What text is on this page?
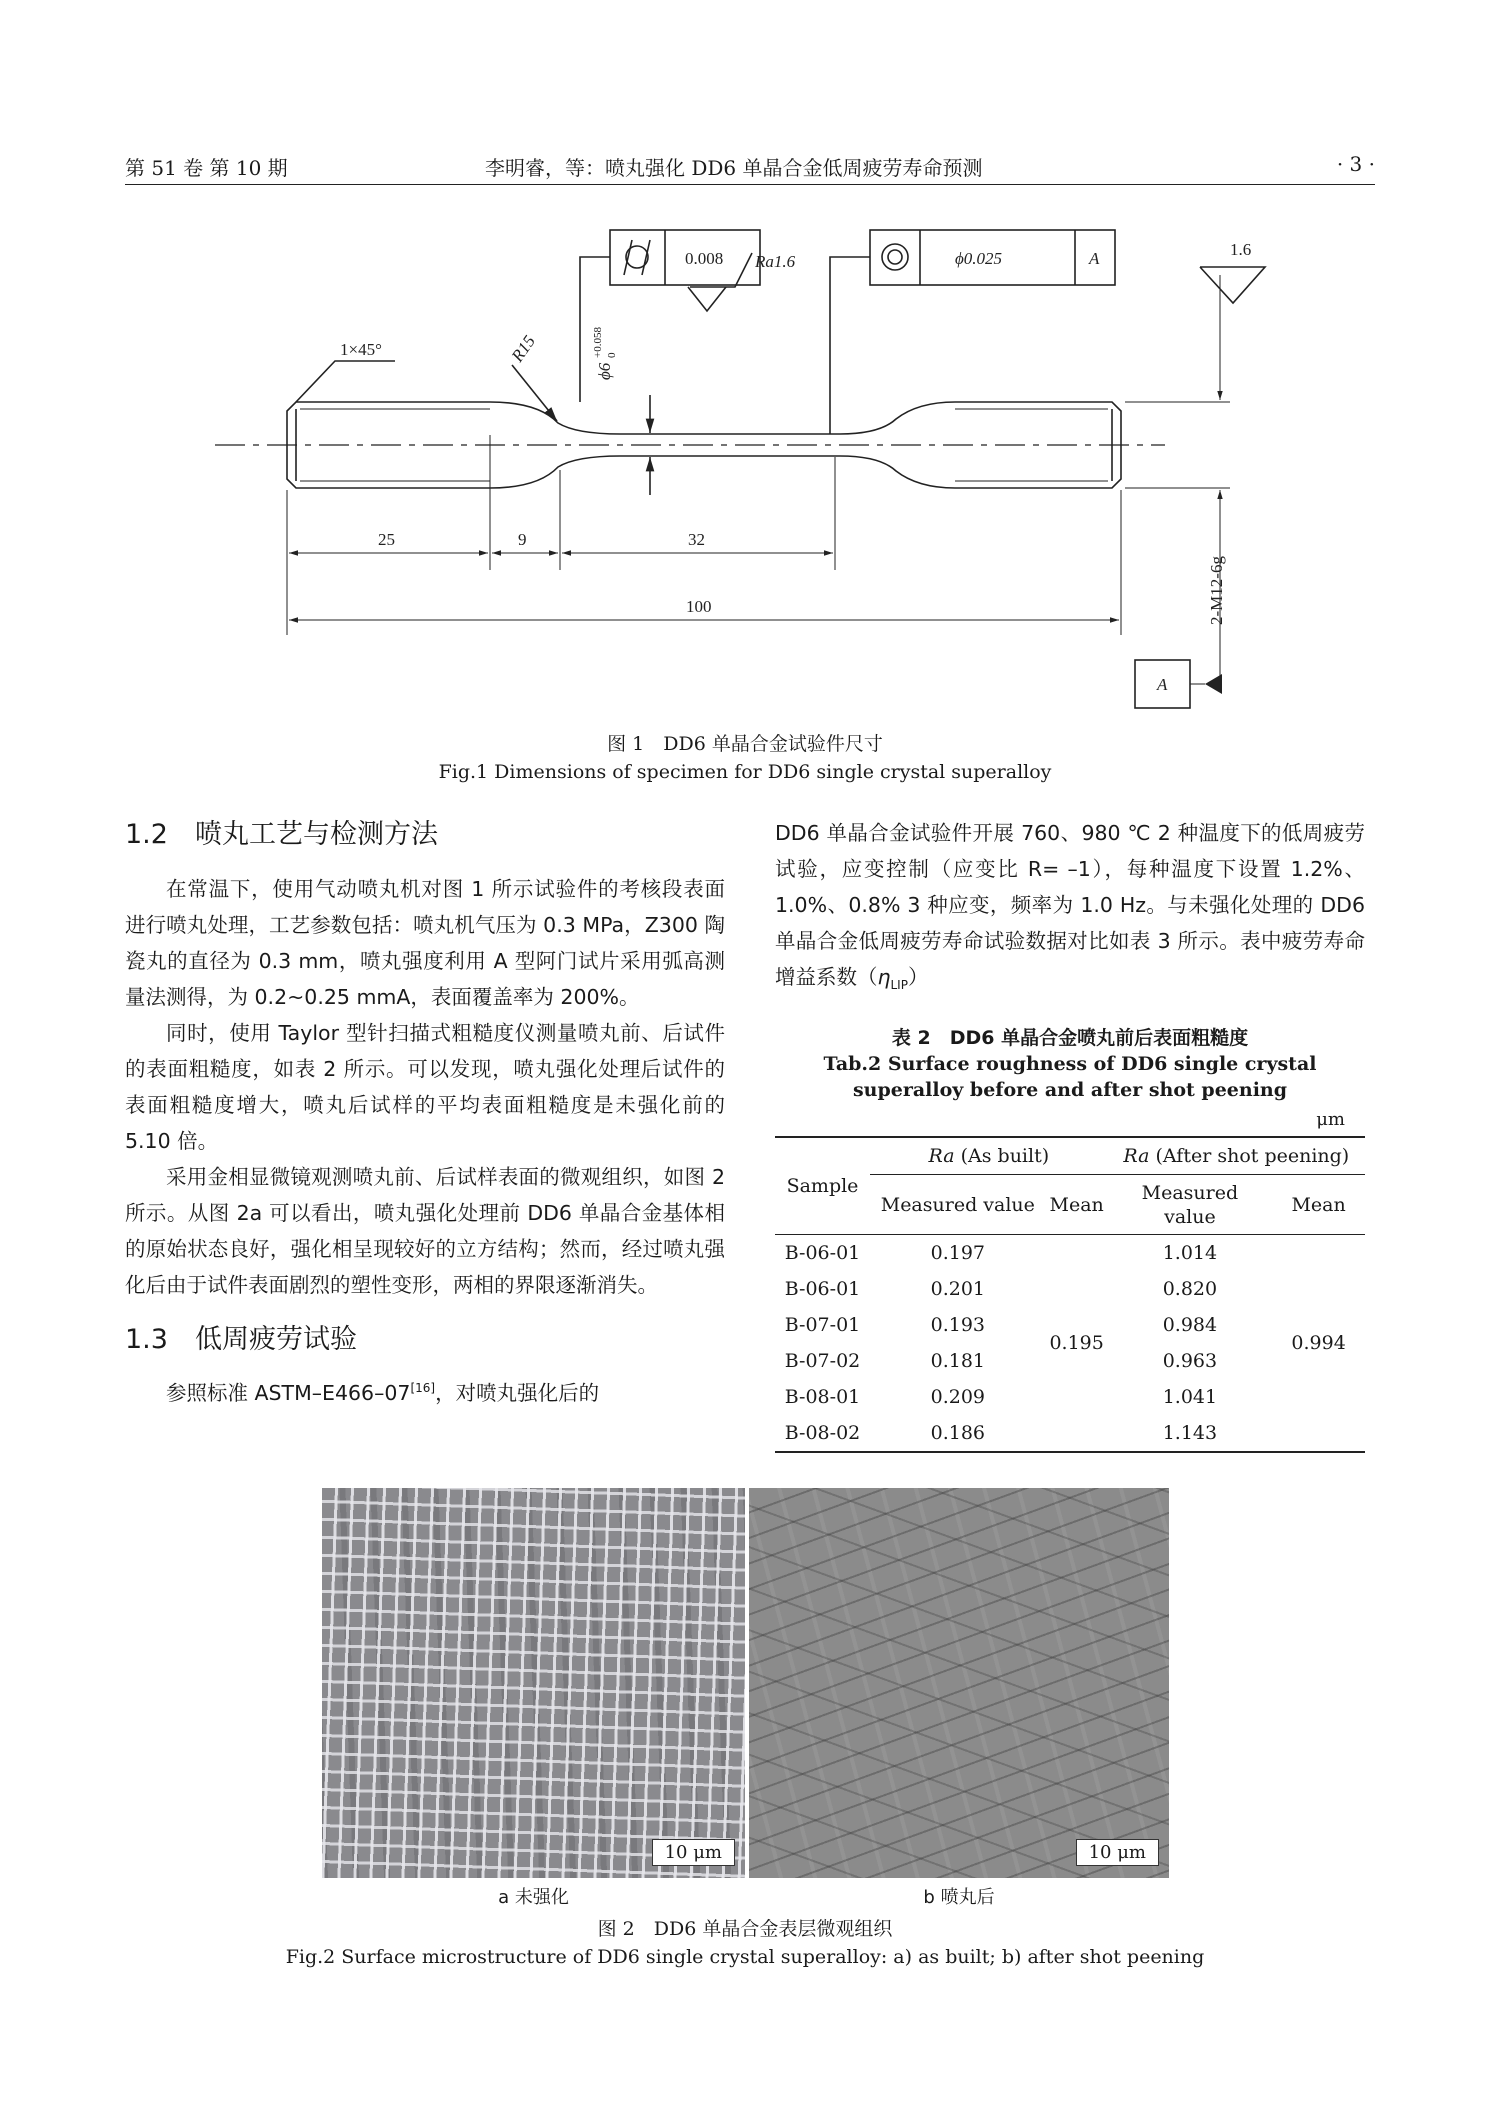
第 51 卷 第 10 期	李明睿，等：喷丸强化 DD6 单晶合金低周疲劳寿命预测	· 3 ·
0.008	ϕ0.025	A	1.6
1×45°	R15
ϕ6
+0.058 0
Ra1.6
25	9	32
100	2-M12-6g
A
图 1　DD6 单晶合金试验件尺寸
Fig.1 Dimensions of specimen for DD6 single crystal superalloy
1.2　喷丸工艺与检测方法

在常温下，使用气动喷丸机对图 1 所示试验件的考核段表面进行喷丸处理，工艺参数包括：喷丸机气压为 0.3 MPa，Z300 陶瓷丸的直径为 0.3 mm，喷丸强度利用 A 型阿门试片采用弧高测量法测得，为 0.2~0.25 mmA，表面覆盖率为 200%。

同时，使用 Taylor 型针扫描式粗糙度仪测量喷丸前、后试件的表面粗糙度，如表 2 所示。可以发现，喷丸强化处理后试件的表面粗糙度增大，喷丸后试样的平均表面粗糙度是未强化前的 5.10 倍。

采用金相显微镜观测喷丸前、后试样表面的微观组织，如图 2 所示。从图 2a 可以看出，喷丸强化处理前 DD6 单晶合金基体相的原始状态良好，强化相呈现较好的立方结构；然而，经过喷丸强化后由于试件表面剧烈的塑性变形，两相的界限逐渐消失。

1.3　低周疲劳试验

参照标准 ASTM–E466–07[16]，对喷丸强化后的

DD6 单晶合金试验件开展 760、980 ℃ 2 种温度下的低周疲劳试验，应变控制（应变比 R= –1），每种温度下设置 1.2%、1.0%、0.8% 3 种应变，频率为 1.0 Hz。与未强化处理的 DD6 单晶合金低周疲劳寿命试验数据对比如表 3 所示。表中疲劳寿命增益系数$(\eta_{LIP})$

表 2　DD6 单晶合金喷丸前后表面粗糙度
Tab.2 Surface roughness of DD6 single crystal
superalloy before and after shot peening
μm
Sample	Ra (As built)		Ra (After shot peening)	
	Measured value	Mean	Measured
value	Mean
B-06-01	0.197	0.195	1.014	0.994
B-06-01	0.201		0.820	
B-07-01	0.193		0.984	
B-07-02	0.181		0.963	
B-08-01	0.209		1.041	
B-08-02	0.186		1.143	
10 μm	10 μm
a 未强化	b 喷丸后
图 2　DD6 单晶合金表层微观组织
Fig.2 Surface microstructure of DD6 single crystal superalloy: a) as built; b) after shot peening
